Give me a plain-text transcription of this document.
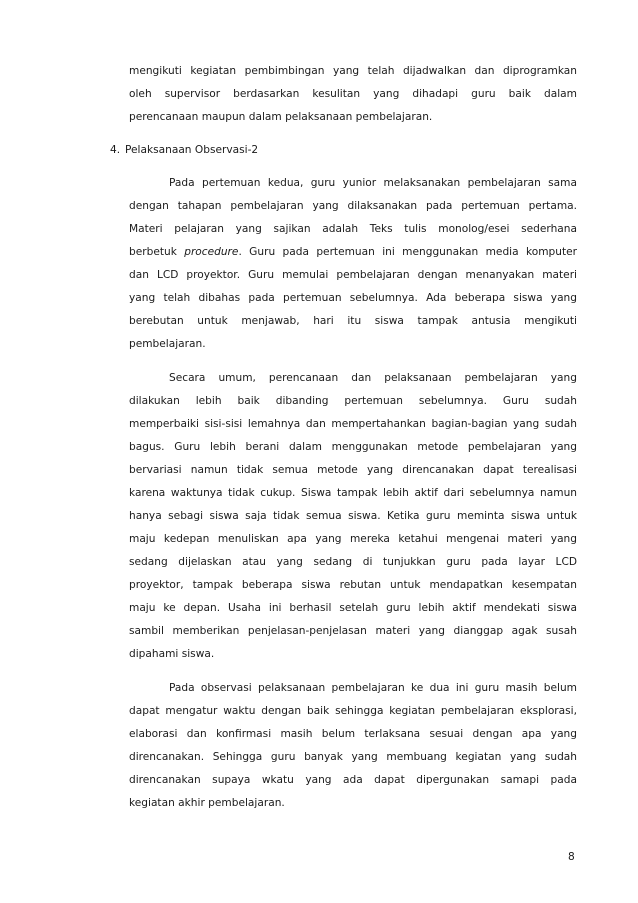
mengikuti kegiatan pembimbingan yang telah dijadwalkan dan diprogramkan
oleh supervisor berdasarkan kesulitan yang dihadapi guru baik dalam
perencanaan maupun dalam pelaksanaan pembelajaran.
4. Pelaksanaan Observasi-2
Pada pertemuan kedua, guru yunior melaksanakan pembelajaran sama
dengan tahapan pembelajaran yang dilaksanakan pada pertemuan pertama.
Materi pelajaran yang sajikan adalah Teks tulis monolog/esei sederhana
berbetuk procedure. Guru pada pertemuan ini menggunakan media komputer
dan LCD proyektor. Guru memulai pembelajaran dengan menanyakan materi
yang telah dibahas pada pertemuan sebelumnya. Ada beberapa siswa yang
berebutan untuk menjawab, hari itu siswa tampak antusia mengikuti
pembelajaran.
Secara umum, perencanaan dan pelaksanaan pembelajaran yang
dilakukan lebih baik dibanding pertemuan sebelumnya. Guru sudah
memperbaiki sisi-sisi lemahnya dan mempertahankan bagian-bagian yang sudah
bagus. Guru lebih berani dalam menggunakan metode pembelajaran yang
bervariasi namun tidak semua metode yang direncanakan dapat terealisasi
karena waktunya tidak cukup. Siswa tampak lebih aktif dari sebelumnya namun
hanya sebagi siswa saja tidak semua siswa. Ketika guru meminta siswa untuk
maju kedepan menuliskan apa yang mereka ketahui mengenai materi yang
sedang dijelaskan atau yang sedang di tunjukkan guru pada layar LCD
proyektor, tampak beberapa siswa rebutan untuk mendapatkan kesempatan
maju ke depan. Usaha ini berhasil setelah guru lebih aktif mendekati siswa
sambil memberikan penjelasan-penjelasan materi yang dianggap agak susah
dipahami siswa.
Pada observasi pelaksanaan pembelajaran ke dua ini guru masih belum
dapat mengatur waktu dengan baik sehingga kegiatan pembelajaran eksplorasi,
elaborasi dan konfirmasi masih belum terlaksana sesuai dengan apa yang
direncanakan. Sehingga guru banyak yang membuang kegiatan yang sudah
direncanakan supaya wkatu yang ada dapat dipergunakan samapi pada
kegiatan akhir pembelajaran.
8
